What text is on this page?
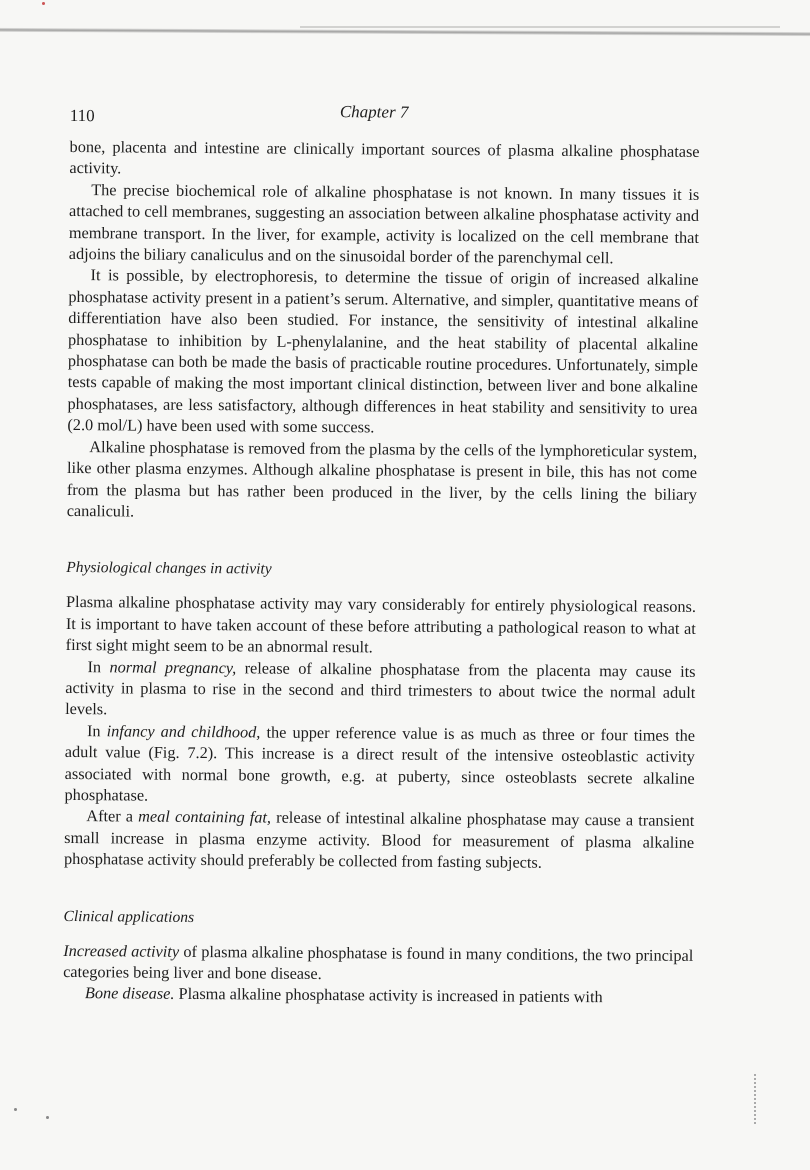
110	Chapter 7

bone, placenta and intestine are clinically important sources of plasma alkaline phosphatase activity.

The precise biochemical role of alkaline phosphatase is not known. In many tissues it is attached to cell membranes, suggesting an association between alkaline phosphatase activity and membrane transport. In the liver, for example, activity is localized on the cell membrane that adjoins the biliary canaliculus and on the sinusoidal border of the parenchymal cell.

It is possible, by electrophoresis, to determine the tissue of origin of increased alkaline phosphatase activity present in a patient’s serum. Alternative, and simpler, quantitative means of differentiation have also been studied. For instance, the sensitivity of intestinal alkaline phosphatase to inhibition by L-phenylalanine, and the heat stability of placental alkaline phosphatase can both be made the basis of practicable routine procedures. Unfortunately, simple tests capable of making the most important clinical distinction, between liver and bone alkaline phosphatases, are less satisfactory, although differences in heat stability and sensitivity to urea (2.0 mol/L) have been used with some success.

Alkaline phosphatase is removed from the plasma by the cells of the lymphoreticular system, like other plasma enzymes. Although alkaline phosphatase is present in bile, this has not come from the plasma but has rather been produced in the liver, by the cells lining the biliary canaliculi.

Physiological changes in activity

Plasma alkaline phosphatase activity may vary considerably for entirely physiological reasons. It is important to have taken account of these before attributing a pathological reason to what at first sight might seem to be an abnormal result.

In normal pregnancy, release of alkaline phosphatase from the placenta may cause its activity in plasma to rise in the second and third trimesters to about twice the normal adult levels.

In infancy and childhood, the upper reference value is as much as three or four times the adult value (Fig. 7.2). This increase is a direct result of the intensive osteoblastic activity associated with normal bone growth, e.g. at puberty, since osteoblasts secrete alkaline phosphatase.

After a meal containing fat, release of intestinal alkaline phosphatase may cause a transient small increase in plasma enzyme activity. Blood for measurement of plasma alkaline phosphatase activity should preferably be collected from fasting subjects.

Clinical applications

Increased activity of plasma alkaline phosphatase is found in many conditions, the two principal categories being liver and bone disease.

Bone disease. Plasma alkaline phosphatase activity is increased in patients with
